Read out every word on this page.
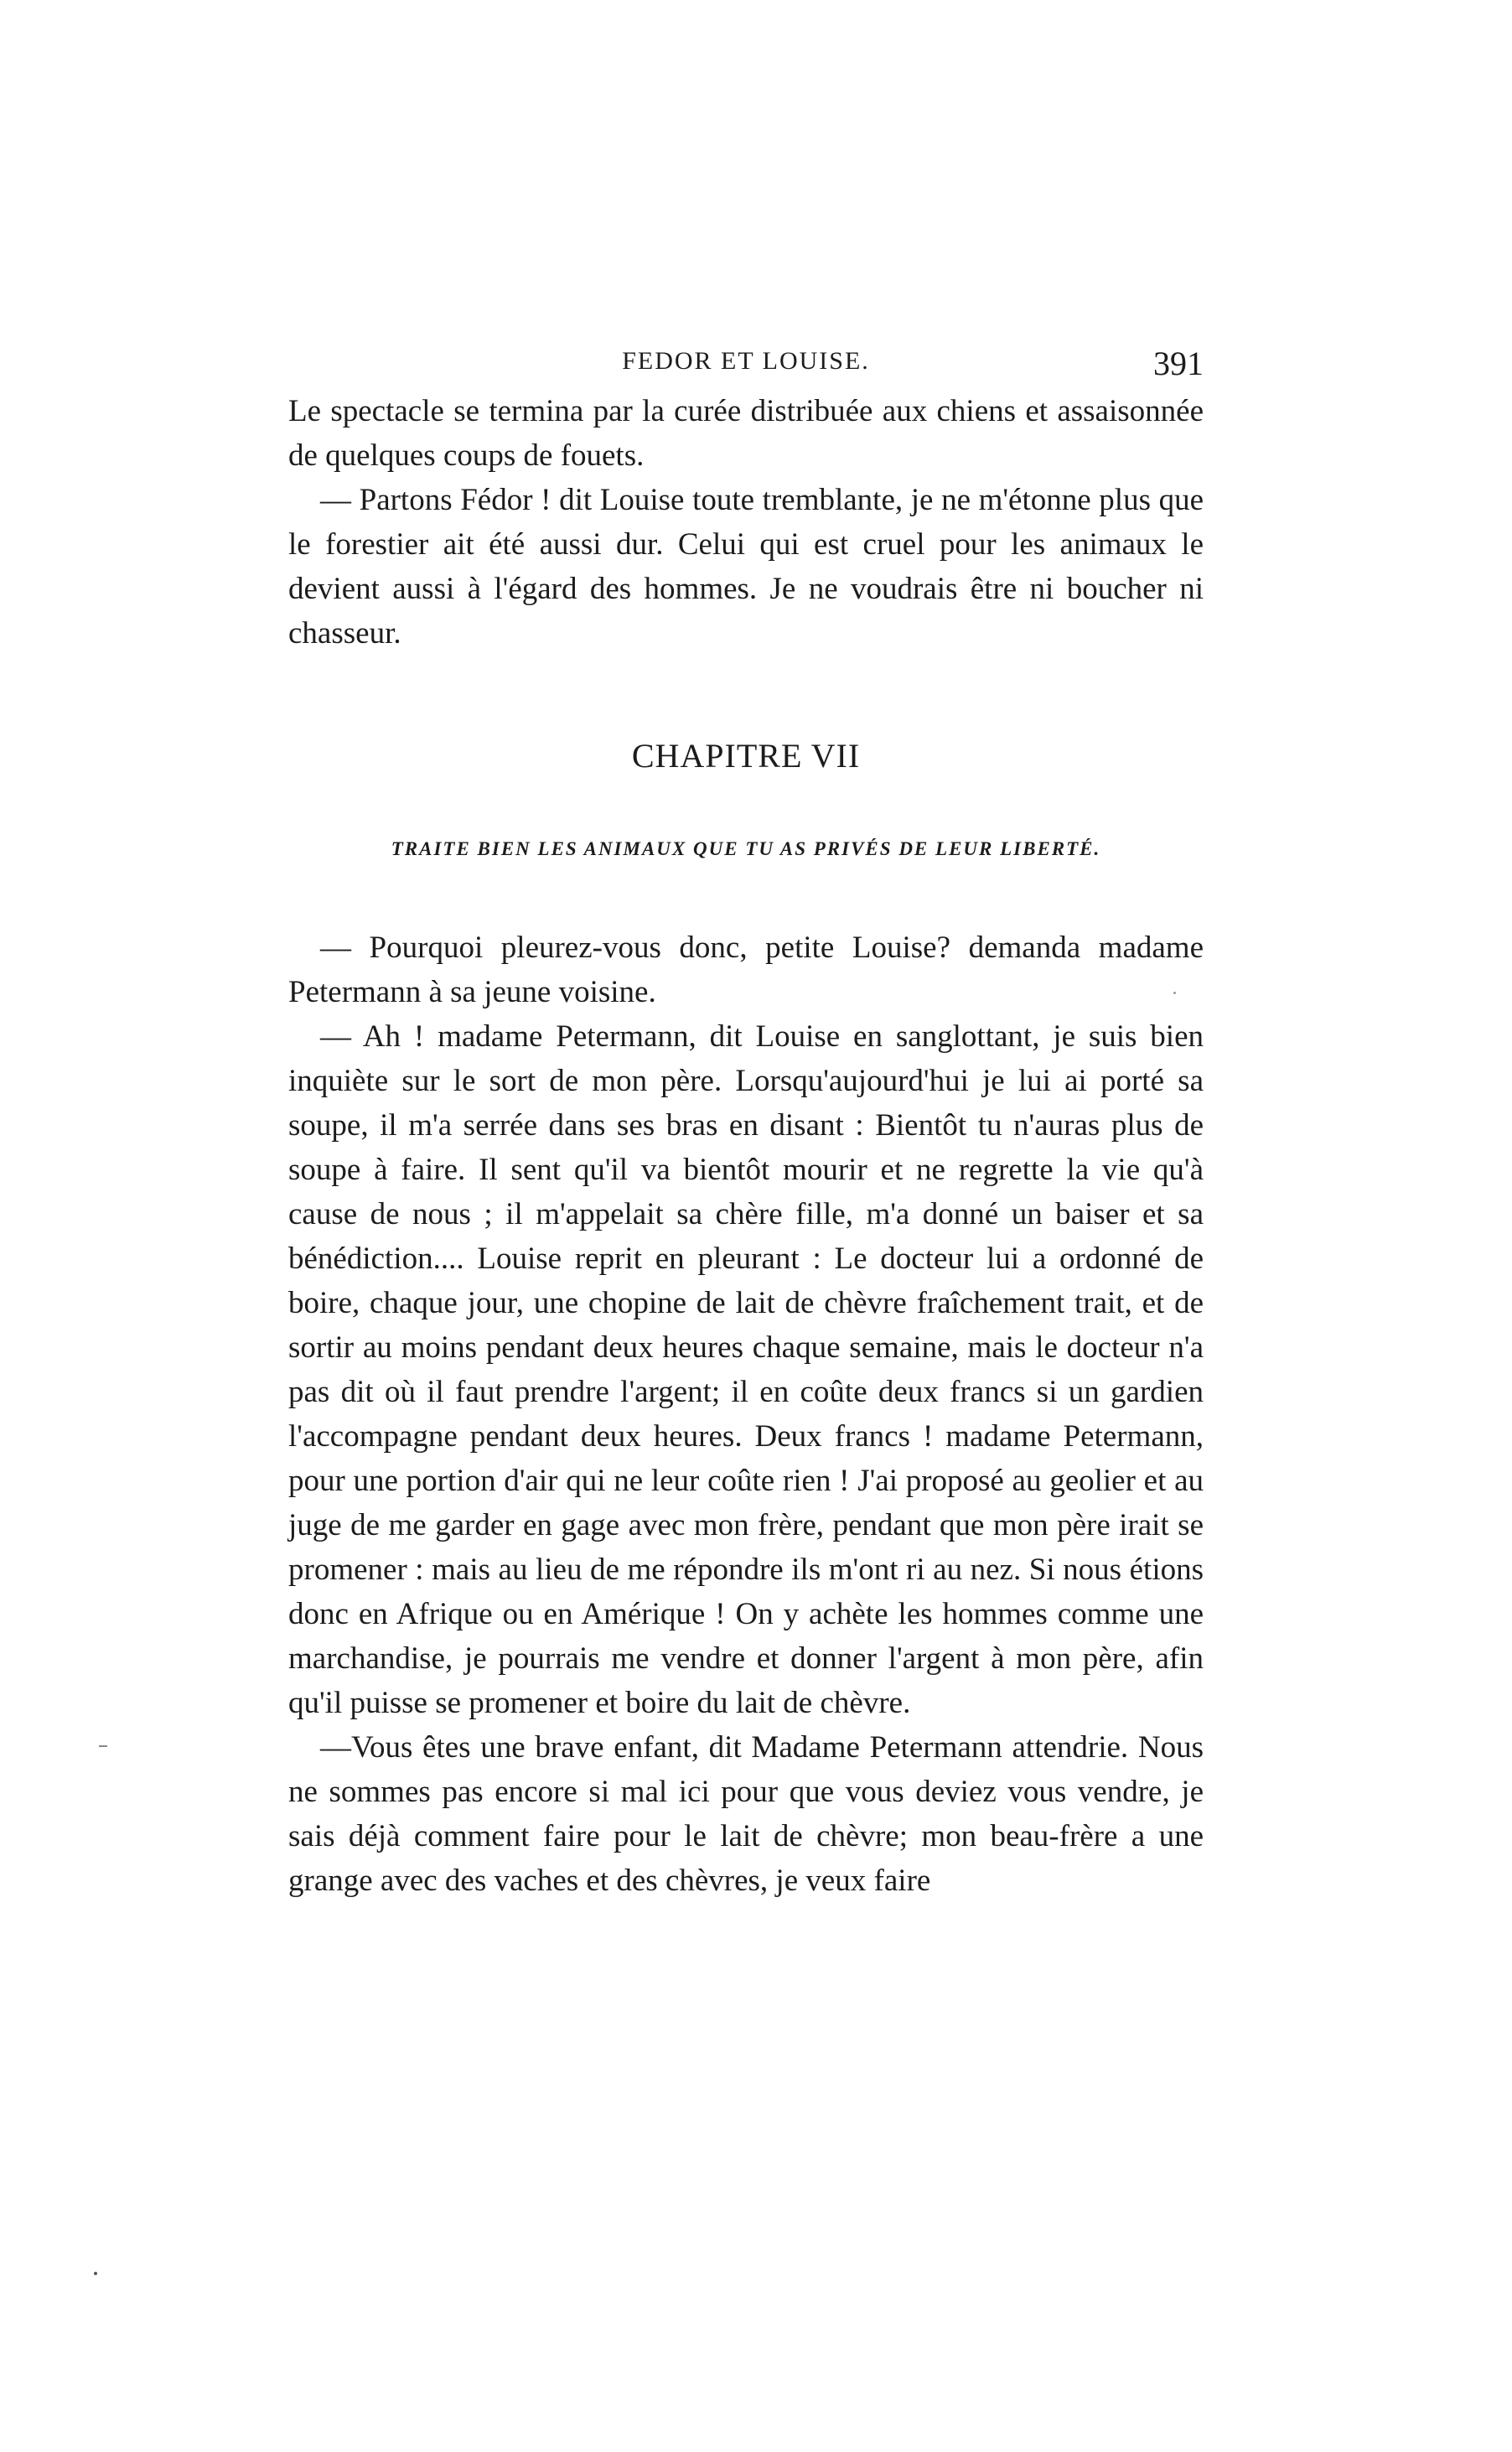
FEDOR ET LOUISE.	391

Le spectacle se termina par la curée distribuée aux chiens et assaisonnée de quelques coups de fouets.

— Partons Fédor ! dit Louise toute tremblante, je ne m'étonne plus que le forestier ait été aussi dur. Celui qui est cruel pour les animaux le devient aussi à l'égard des hommes. Je ne voudrais être ni boucher ni chasseur.

CHAPITRE VII
TRAITE BIEN LES ANIMAUX QUE TU AS PRIVÉS DE LEUR LIBERTÉ.

— Pourquoi pleurez-vous donc, petite Louise? demanda madame Petermann à sa jeune voisine.

— Ah ! madame Petermann, dit Louise en sanglottant, je suis bien inquiète sur le sort de mon père. Lorsqu'aujourd'hui je lui ai porté sa soupe, il m'a serrée dans ses bras en disant : Bientôt tu n'auras plus de soupe à faire. Il sent qu'il va bientôt mourir et ne regrette la vie qu'à cause de nous ; il m'appelait sa chère fille, m'a donné un baiser et sa bénédiction.... Louise reprit en pleurant : Le docteur lui a ordonné de boire, chaque jour, une chopine de lait de chèvre fraîchement trait, et de sortir au moins pendant deux heures chaque semaine, mais le docteur n'a pas dit où il faut prendre l'argent; il en coûte deux francs si un gardien l'accompagne pendant deux heures. Deux francs ! madame Petermann, pour une portion d'air qui ne leur coûte rien ! J'ai proposé au geolier et au juge de me garder en gage avec mon frère, pendant que mon père irait se promener : mais au lieu de me répondre ils m'ont ri au nez. Si nous étions donc en Afrique ou en Amérique ! On y achète les hommes comme une marchandise, je pourrais me vendre et donner l'argent à mon père, afin qu'il puisse se promener et boire du lait de chèvre.

—Vous êtes une brave enfant, dit Madame Petermann attendrie. Nous ne sommes pas encore si mal ici pour que vous deviez vous vendre, je sais déjà comment faire pour le lait de chèvre; mon beau-frère a une grange avec des vaches et des chèvres, je veux faire
